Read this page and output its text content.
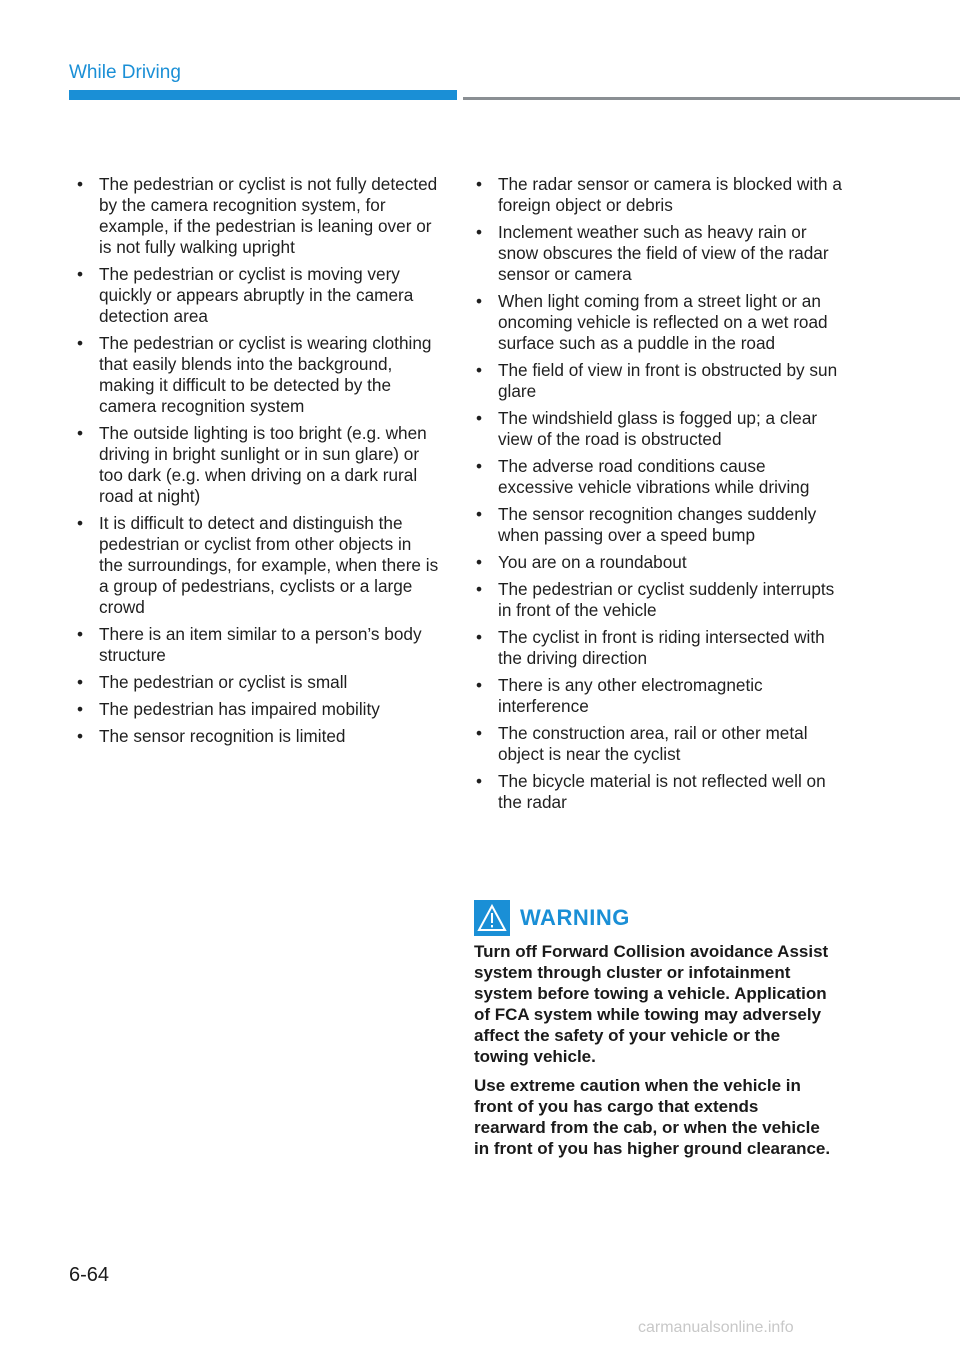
While Driving
• The pedestrian or cyclist is not fully detected by the camera recognition system, for example, if the pedestrian is leaning over or is not fully walking upright
• The pedestrian or cyclist is moving very quickly or appears abruptly in the camera detection area
• The pedestrian or cyclist is wearing clothing that easily blends into the background, making it difficult to be detected by the camera recognition system
• The outside lighting is too bright (e.g. when driving in bright sunlight or in sun glare) or too dark (e.g. when driving on a dark rural road at night)
• It is difficult to detect and distinguish the pedestrian or cyclist from other objects in the surroundings, for example, when there is a group of pedestrians, cyclists or a large crowd
• There is an item similar to a person’s body structure
• The pedestrian or cyclist is small
• The pedestrian has impaired mobility
• The sensor recognition is limited
• The radar sensor or camera is blocked with a foreign object or debris
• Inclement weather such as heavy rain or snow obscures the field of view of the radar sensor or camera
• When light coming from a street light or an oncoming vehicle is reflected on a wet road surface such as a puddle in the road
• The field of view in front is obstructed by sun glare
• The windshield glass is fogged up; a clear view of the road is obstructed
• The adverse road conditions cause excessive vehicle vibrations while driving
• The sensor recognition changes suddenly when passing over a speed bump
• You are on a roundabout
• The pedestrian or cyclist suddenly interrupts in front of the vehicle
• The cyclist in front is riding intersected with the driving direction
• There is any other electromagnetic interference
• The construction area, rail or other metal object is near the cyclist
• The bicycle material is not reflected well on the radar
WARNING

Turn off Forward Collision avoidance Assist system through cluster or infotainment system before towing a vehicle. Application of FCA system while towing may adversely affect the safety of your vehicle or the towing vehicle.

Use extreme caution when the vehicle in front of you has cargo that extends rearward from the cab, or when the vehicle in front of you has higher ground clearance.

6-64

carmanualsonline.info
